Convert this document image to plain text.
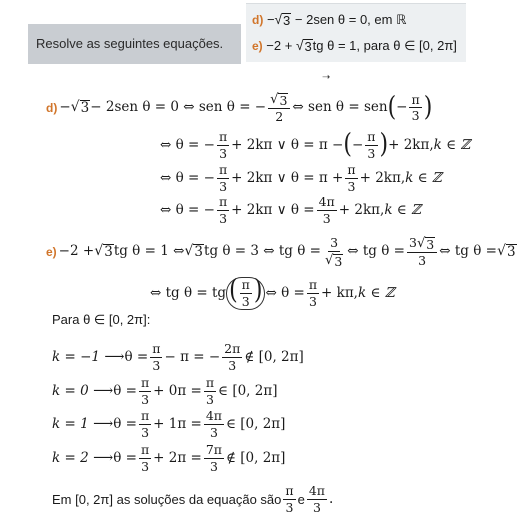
Resolve as seguintes equações.
d) − √ 3 − 2sen θ = 0, em ℝ
e) −2 + √ 3 tg θ = 1, para θ ∈ [0, 2π]
➝
d) − √ 3 − 2sen θ = 0 ⇔ sen θ = − $\frac{√ 3}{2}$ ⇔ sen θ = sen ( − $\frac{\pi}{3}$ )
⇔ θ = − $\frac{\pi}{3} + 2k\pi$ ∨ θ = π − ( − $\frac{\pi}{3}$ ) + 2kπ, k ∈ ℤ
⇔ θ = − $\frac{\pi}{3} + 2k\pi$ ∨ $\theta = \pi + \frac{\pi}{3} + 2k\pi$, k ∈ ℤ
⇔ θ = − $\frac{\pi}{3} + 2k\pi$ ∨ $\theta = \frac{4\pi}{3} + 2k\pi$, k ∈ ℤ
e) −2 + √ 3 tg θ = 1 ⇔ √ 3 tg θ = 3 ⇔ tg $\theta = \frac{3}{√ 3}$ ⇔ tg $\theta = \frac{3 √ 3}{3}$ ⇔ tg θ = √ 3
⇔ tg θ = tg ( $\frac{\pi}{3}$ ) ⇔ $\theta = \frac{\pi}{3} + k\pi$, k ∈ ℤ
Para θ ∈ [0, 2π]:
k = −1 ⟶ $\theta = \frac{\pi}{3} - \pi$ = − $\frac{2\pi}{3}$ ∉ [0, 2π]
k = 0 ⟶ $\theta = \frac{\pi}{3} + 0\pi = \frac{\pi}{3}$ ∈ [0, 2π]
k = 1 ⟶ $\theta = \frac{\pi}{3} + 1\pi = \frac{4\pi}{3}$ ∈ [0, 2π]
k = 2 ⟶ $\theta = \frac{\pi}{3} + 2\pi = \frac{7\pi}{3}$ ∉ [0, 2π]
Em [0, 2π] as soluções da equação são $\frac{\pi}{3}$ e $\frac{4\pi}{3}$ .
